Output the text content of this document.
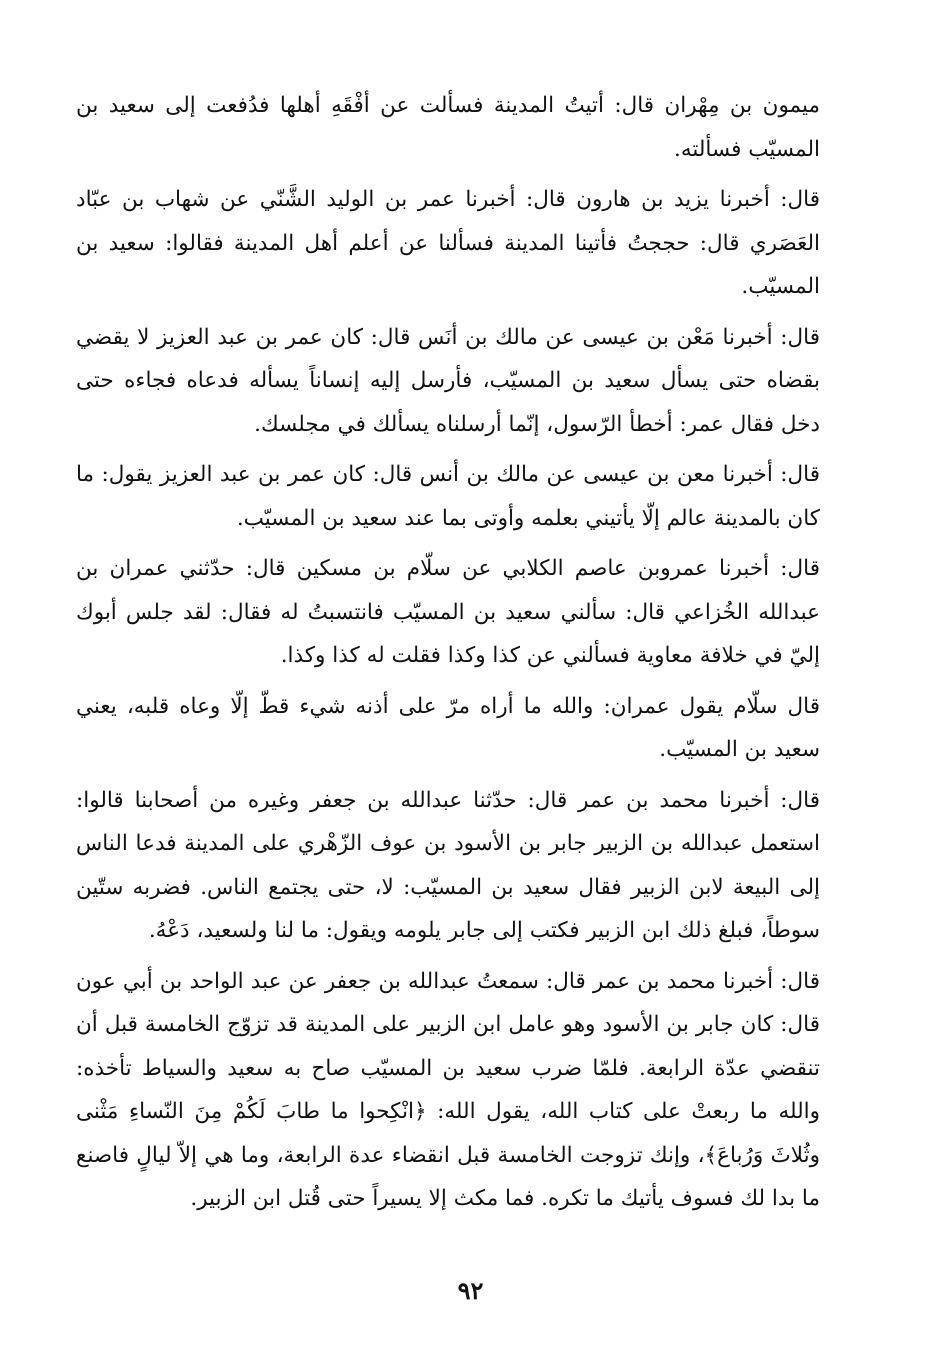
ميمون بن مِهْران قال: أتيتُ المدينة فسألت عن أفْقَهِ أهلها فدُفعت إلى سعيد بن المسيّب فسألته.

قال: أخبرنا يزيد بن هارون قال: أخبرنا عمر بن الوليد الشَّنّي عن شهاب بن عبّاد العَصَري قال: حججتُ فأتينا المدينة فسألنا عن أعلم أهل المدينة فقالوا: سعيد بن المسيّب.

قال: أخبرنا مَعْن بن عيسى عن مالك بن أنَس قال: كان عمر بن عبد العزيز لا يقضي بقضاه حتى يسأل سعيد بن المسيّب، فأرسل إليه إنساناً يسأله فدعاه فجاءه حتى دخل فقال عمر: أخطأ الرّسول، إنّما أرسلناه يسألك في مجلسك.

قال: أخبرنا معن بن عيسى عن مالك بن أنس قال: كان عمر بن عبد العزيز يقول: ما كان بالمدينة عالم إلّا يأتيني بعلمه وأوتى بما عند سعيد بن المسيّب.

قال: أخبرنا عمروبن عاصم الكلابي عن سلّام بن مسكين قال: حدّثني عمران بن عبدالله الخُزاعي قال: سألني سعيد بن المسيّب فانتسبتُ له فقال: لقد جلس أبوك إليّ في خلافة معاوية فسألني عن كذا وكذا فقلت له كذا وكذا.

قال سلّام يقول عمران: والله ما أراه مرّ على أذنه شيء قطّ إلّا وعاه قلبه، يعني سعيد بن المسيّب.

قال: أخبرنا محمد بن عمر قال: حدّثنا عبدالله بن جعفر وغيره من أصحابنا قالوا: استعمل عبدالله بن الزبير جابر بن الأسود بن عوف الزّهْري على المدينة فدعا الناس إلى البيعة لابن الزبير فقال سعيد بن المسيّب: لا، حتى يجتمع الناس. فضربه ستّين سوطاً، فبلغ ذلك ابن الزبير فكتب إلى جابر يلومه ويقول: ما لنا ولسعيد، دَعْهُ.

قال: أخبرنا محمد بن عمر قال: سمعتُ عبدالله بن جعفر عن عبد الواحد بن أبي عون قال: كان جابر بن الأسود وهو عامل ابن الزبير على المدينة قد تزوّج الخامسة قبل أن تنقضي عدّة الرابعة. فلمّا ضرب سعيد بن المسيّب صاح به سعيد والسياط تأخذه: والله ما ربعتْ على كتاب الله، يقول الله: ﴿انْكِحوا ما طابَ لَكُمْ مِنَ النّساءِ مَثْنى وثُلاثَ وَرُباعَ﴾، وإنك تزوجت الخامسة قبل انقضاء عدة الرابعة، وما هي إلاّ ليالٍ فاصنع ما بدا لك فسوف يأتيك ما تكره. فما مكث إلا يسيراً حتى قُتل ابن الزبير.

٩٢
